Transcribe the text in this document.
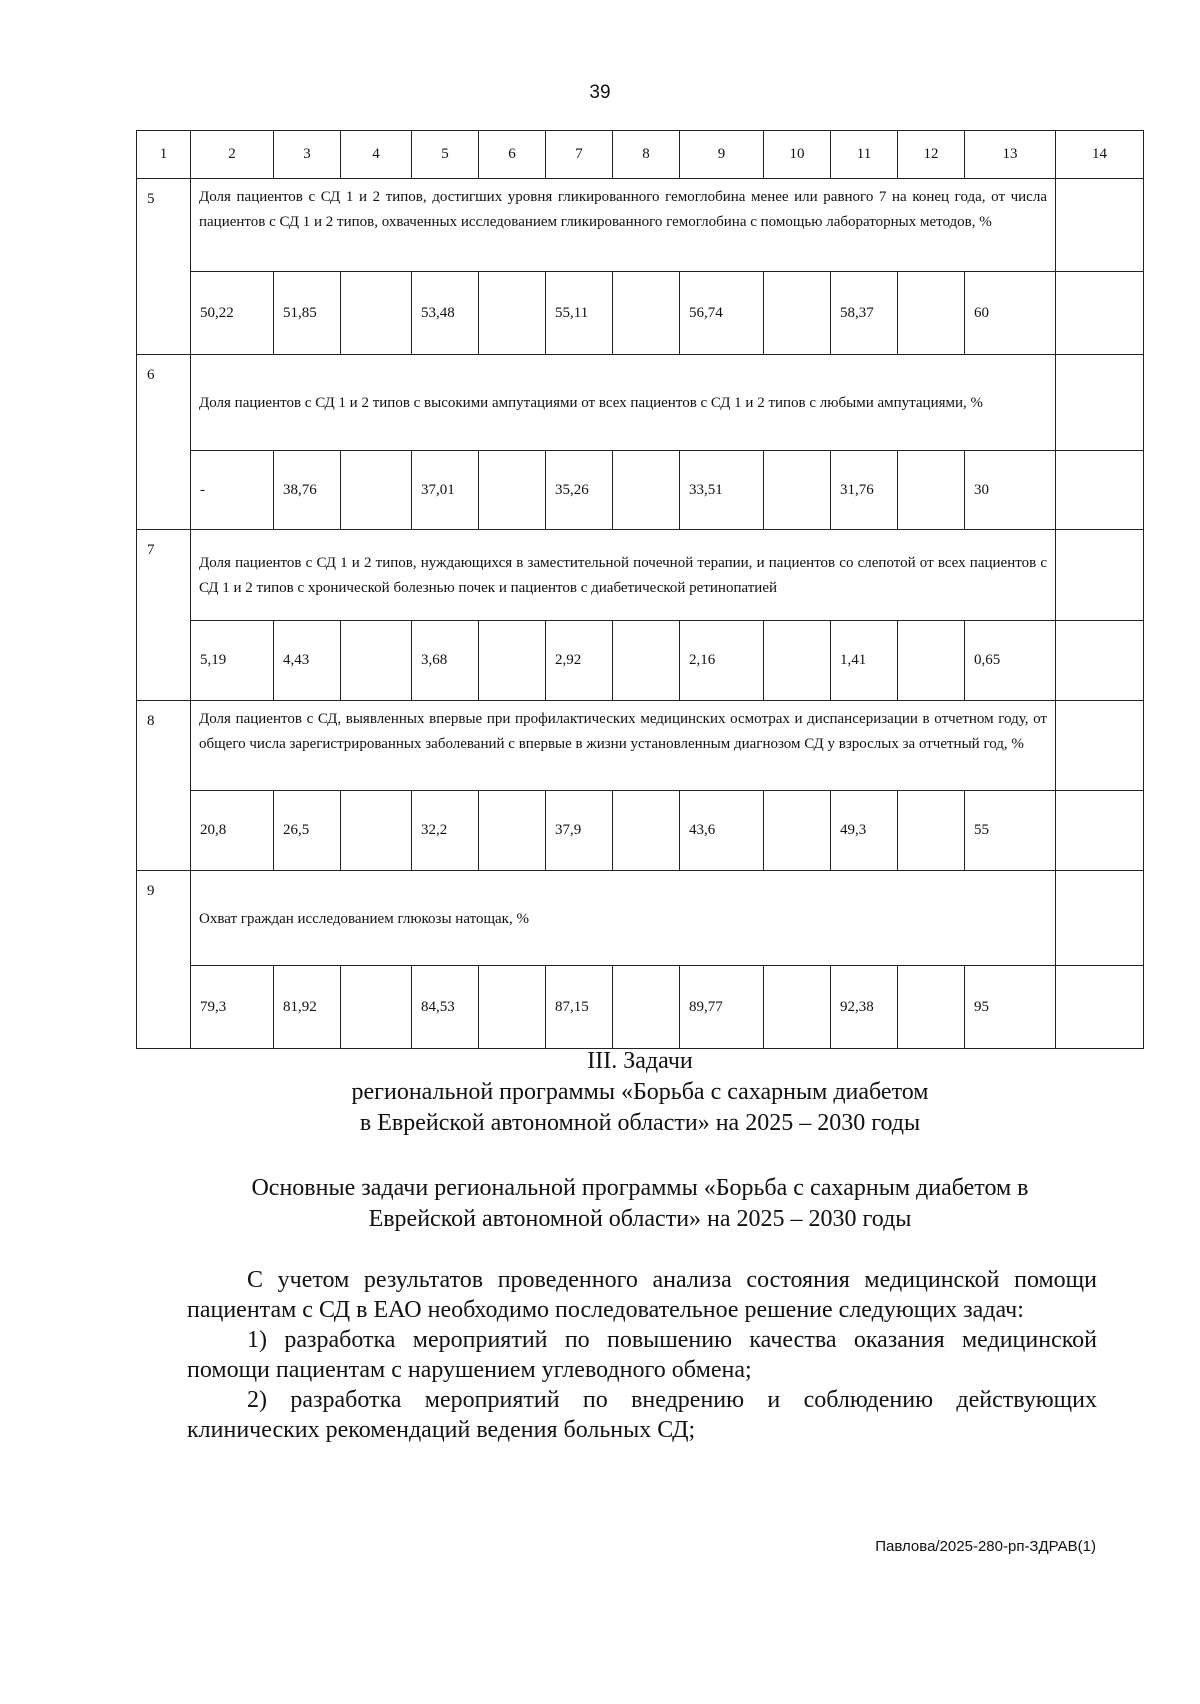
39
1	2	3	4	5	6	7	8	9	10	11	12	13	14
5	Доля пациентов с СД 1 и 2 типов, достигших уровня гликированного гемоглобина менее или равного 7 на конец года, от числа пациентов с СД 1 и 2 типов, охваченных исследованием гликированного гемоглобина с помощью лабораторных методов, %												
	50,22	51,85		53,48		55,11		56,74		58,37		60	
6	Доля пациентов с СД 1 и 2 типов с высокими ампутациями от всех пациентов с СД 1 и 2 типов с любыми ампутациями, %												
	-	38,76		37,01		35,26		33,51		31,76		30	
7	Доля пациентов с СД 1 и 2 типов, нуждающихся в заместительной почечной терапии, и пациентов со слепотой от всех пациентов с СД 1 и 2 типов с хронической болезнью почек и пациентов с диабетической ретинопатией												
	5,19	4,43		3,68		2,92		2,16		1,41		0,65	
8	Доля пациентов с СД, выявленных впервые при профилактических медицинских осмотрах и диспансеризации в отчетном году, от общего числа зарегистрированных заболеваний с впервые в жизни установленным диагнозом СД у взрослых за отчетный год, %												
	20,8	26,5		32,2		37,9		43,6		49,3		55	
9	Охват граждан исследованием глюкозы натощак, %												
	79,3	81,92		84,53		87,15		89,77		92,38		95	
III. Задачи
региональной программы «Борьба с сахарным диабетом
в Еврейской автономной области» на 2025 – 2030 годы
Основные задачи региональной программы «Борьба с сахарным диабетом в
Еврейской автономной области» на 2025 – 2030 годы
С учетом результатов проведенного анализа состояния медицинской помощи пациентам с СД в ЕАО необходимо последовательное решение следующих задач:
1) разработка мероприятий по повышению качества оказания медицинской помощи пациентам с нарушением углеводного обмена;
2) разработка мероприятий по внедрению и соблюдению действующих клинических рекомендаций ведения больных СД;
Павлова/2025-280-рп-ЗДРАВ(1)
